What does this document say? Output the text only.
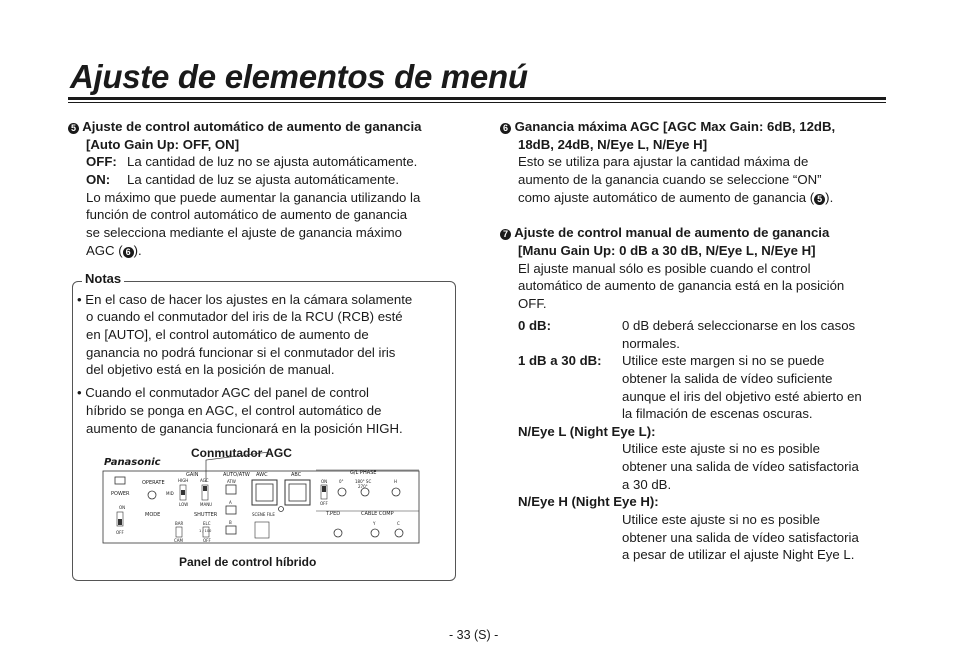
Ajuste de elementos de menú
5 Ajuste de control automático de aumento de ganancia
[Auto Gain Up: OFF, ON]
OFF: La cantidad de luz no se ajusta automáticamente.
ON: La cantidad de luz se ajusta automáticamente.
Lo máximo que puede aumentar la ganancia utilizando la
función de control automático de aumento de ganancia
se selecciona mediante el ajuste de ganancia máximo
AGC ( 6 ).
Notas
• En el caso de hacer los ajustes en la cámara solamente
o cuando el conmutador del iris de la RCU (RCB) esté
en [AUTO], el control automático de aumento de
ganancia no podrá funcionar si el conmutador del iris
del objetivo está en la posición de manual.
• Cuando el conmutador AGC del panel de control
híbrido se ponga en AGC, el control automático de
aumento de ganancia funcionará en la posición HIGH.
Conmutador AGC
Panasonic
POWER
ON
OFF
OPERATE
MODE
BAR
CAM
GAIN
HIGH	AGC
MID
LOW	MANU
SHUTTER
ELC
1 / 100
OFF
AUTO/ATW
ATW
A
B
AWC	ABC
SCENE FILE
G/L PHASE
ON
OFF
0°	180° SC
270°
H
T.PED	CABLE COMP
Y	C
Panel de control híbrido
6 Ganancia máxima AGC [AGC Max Gain: 6dB, 12dB,
18dB, 24dB, N/Eye L, N/Eye H]
Esto se utiliza para ajustar la cantidad máxima de
aumento de la ganancia cuando se seleccione “ON”
como ajuste automático de aumento de ganancia ( 5 ).
7 Ajuste de control manual de aumento de ganancia
[Manu Gain Up: 0 dB a 30 dB, N/Eye L, N/Eye H]
El ajuste manual sólo es posible cuando el control
automático de aumento de ganancia está en la posición
OFF.
0 dB:	0 dB deberá seleccionarse en los casos
normales.
1 dB a 30 dB: Utilice este margen si no se puede
obtener la salida de vídeo suficiente
aunque el iris del objetivo esté abierto en
la filmación de escenas oscuras.
N/Eye L (Night Eye L):
Utilice este ajuste si no es posible
obtener una salida de vídeo satisfactoria
a 30 dB.
N/Eye H (Night Eye H):
Utilice este ajuste si no es posible
obtener una salida de vídeo satisfactoria
a pesar de utilizar el ajuste Night Eye L.
- 33 (S) -
